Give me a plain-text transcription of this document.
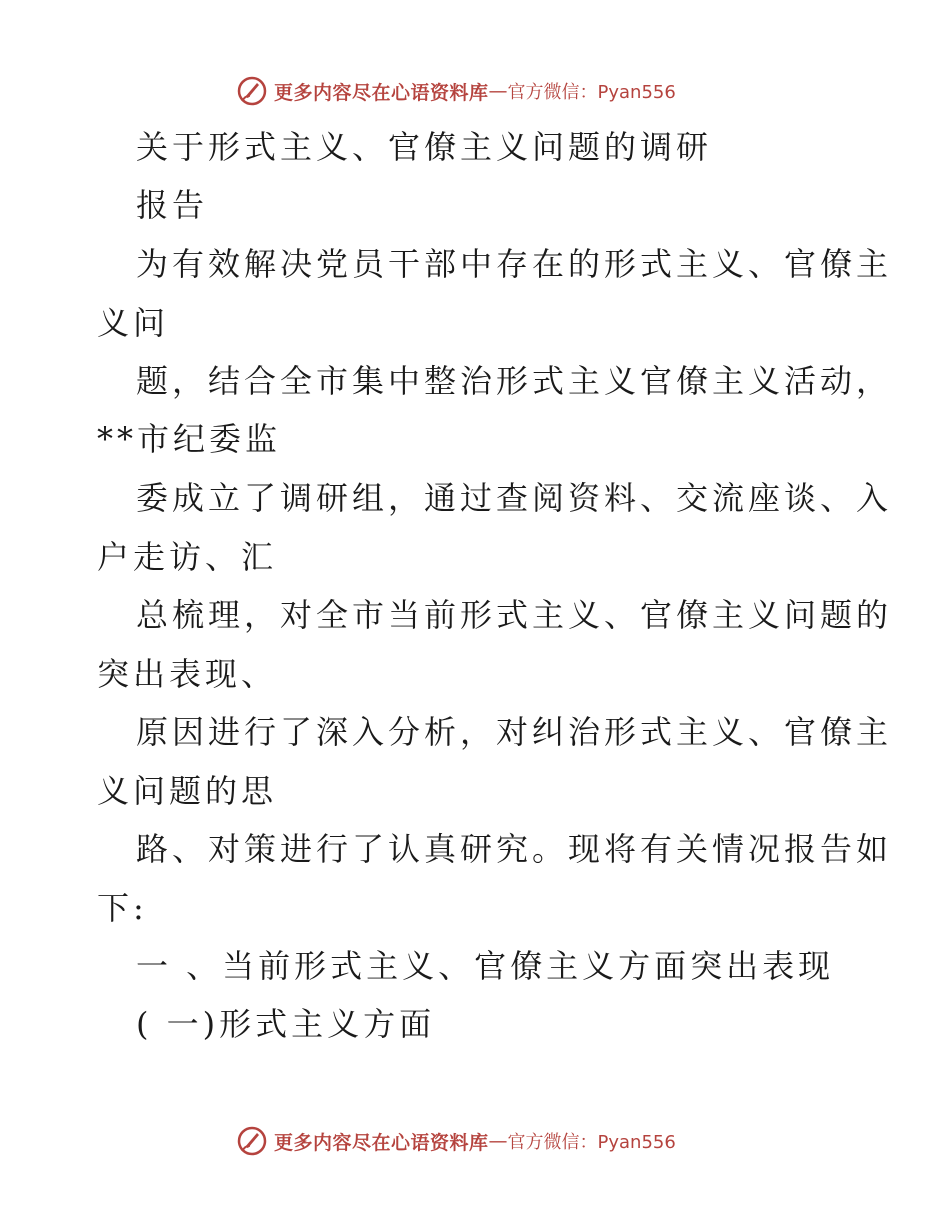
更多内容尽在心语资料库 — 官方微信：Pyan556
关于形式主义、官僚主义问题的调研
报告
为有效解决党员干部中存在的形式主义、官僚主
义问
题，结合全市集中整治形式主义官僚主义活动，
**市纪委监
委成立了调研组，通过查阅资料、交流座谈、入
户走访、汇
总梳理，对全市当前形式主义、官僚主义问题的
突出表现、
原因进行了深入分析，对纠治形式主义、官僚主
义问题的思
路、对策进行了认真研究。现将有关情况报告如
下:
一 、当前形式主义、官僚主义方面突出表现
( 一)形式主义方面
更多内容尽在心语资料库 — 官方微信：Pyan556
